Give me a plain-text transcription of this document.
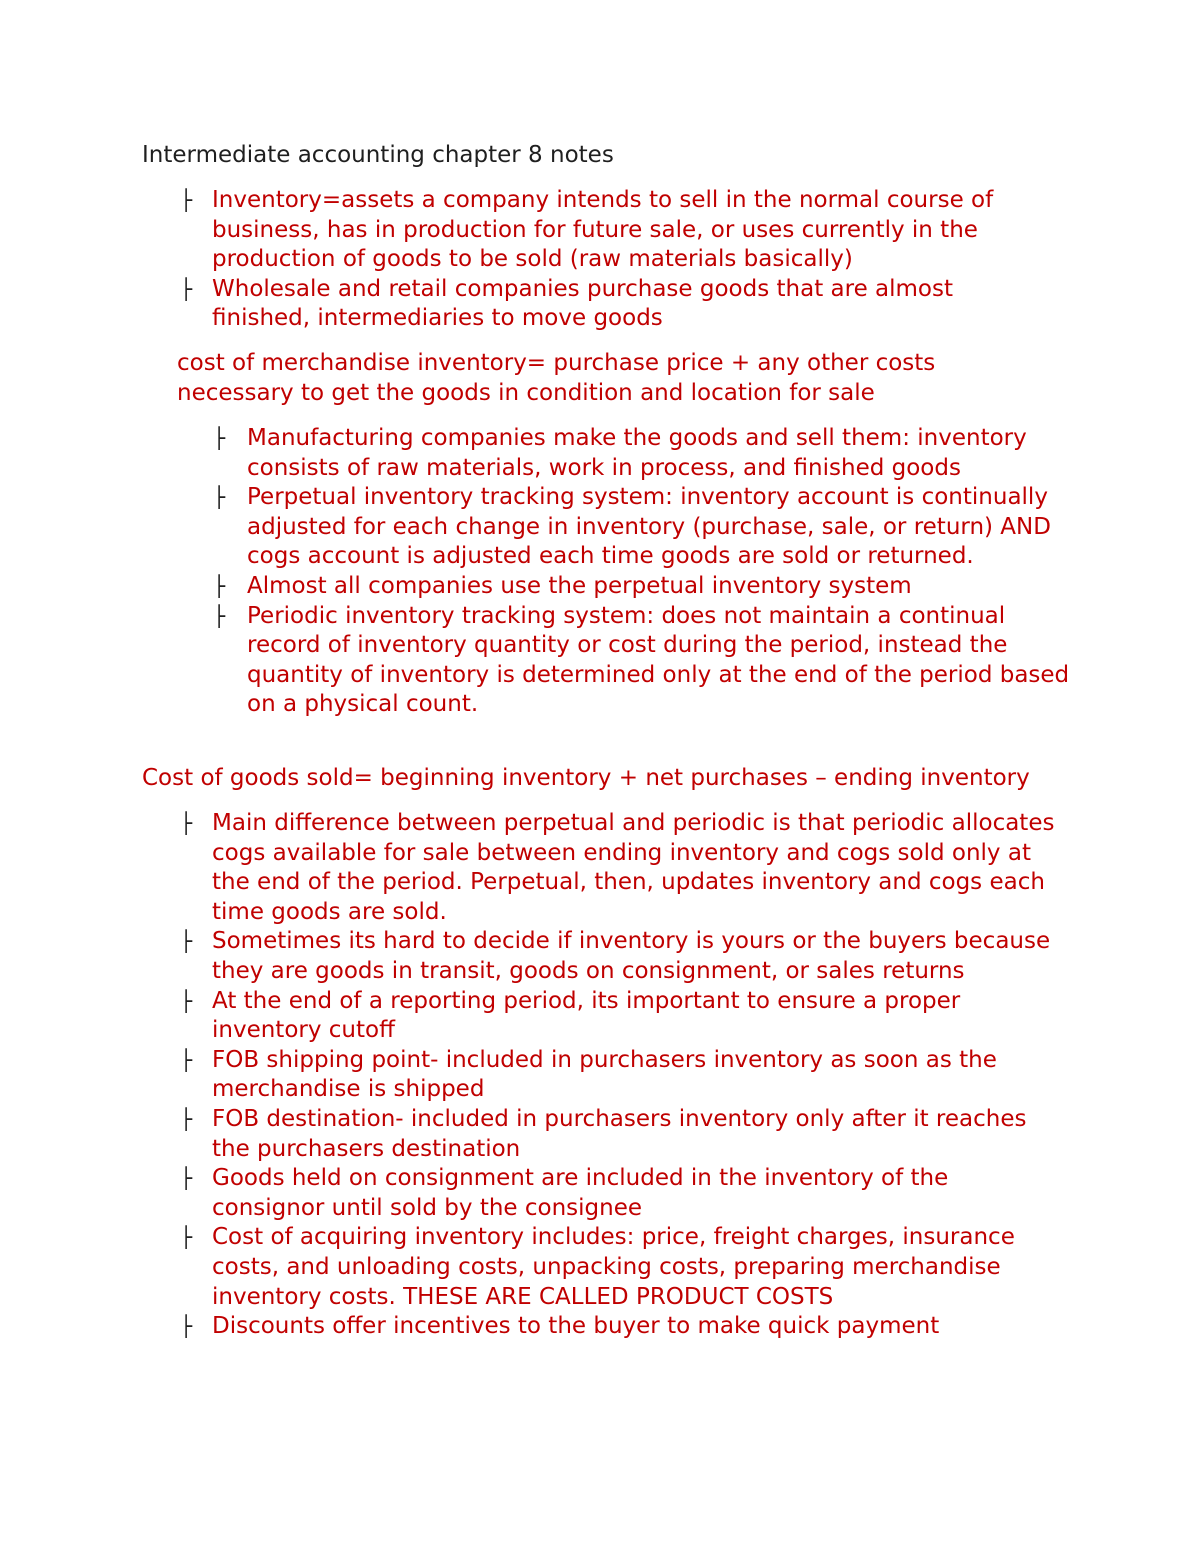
Intermediate accounting chapter 8 notes
├ Inventory=assets a company intends to sell in the normal course of business, has in production for future sale, or uses currently in the production of goods to be sold (raw materials basically)
├ Wholesale and retail companies purchase goods that are almost finished, intermediaries to move goods
cost of merchandise inventory= purchase price + any other costs necessary to get the goods in condition and location for sale
├ Manufacturing companies make the goods and sell them: inventory consists of raw materials, work in process, and finished goods
├ Perpetual inventory tracking system: inventory account is continually adjusted for each change in inventory (purchase, sale, or return) AND cogs account is adjusted each time goods are sold or returned.
├ Almost all companies use the perpetual inventory system
├ Periodic inventory tracking system: does not maintain a continual record of inventory quantity or cost during the period, instead the quantity of inventory is determined only at the end of the period based on a physical count.
Cost of goods sold= beginning inventory + net purchases – ending inventory
├ Main difference between perpetual and periodic is that periodic allocates cogs available for sale between ending inventory and cogs sold only at the end of the period. Perpetual, then, updates inventory and cogs each time goods are sold.
├ Sometimes its hard to decide if inventory is yours or the buyers because they are goods in transit, goods on consignment, or sales returns
├ At the end of a reporting period, its important to ensure a proper inventory cutoff
├ FOB shipping point- included in purchasers inventory as soon as the merchandise is shipped
├ FOB destination- included in purchasers inventory only after it reaches the purchasers destination
├ Goods held on consignment are included in the inventory of the consignor until sold by the consignee
├ Cost of acquiring inventory includes: price, freight charges, insurance costs, and unloading costs, unpacking costs, preparing merchandise inventory costs. THESE ARE CALLED PRODUCT COSTS
├ Discounts offer incentives to the buyer to make quick payment
